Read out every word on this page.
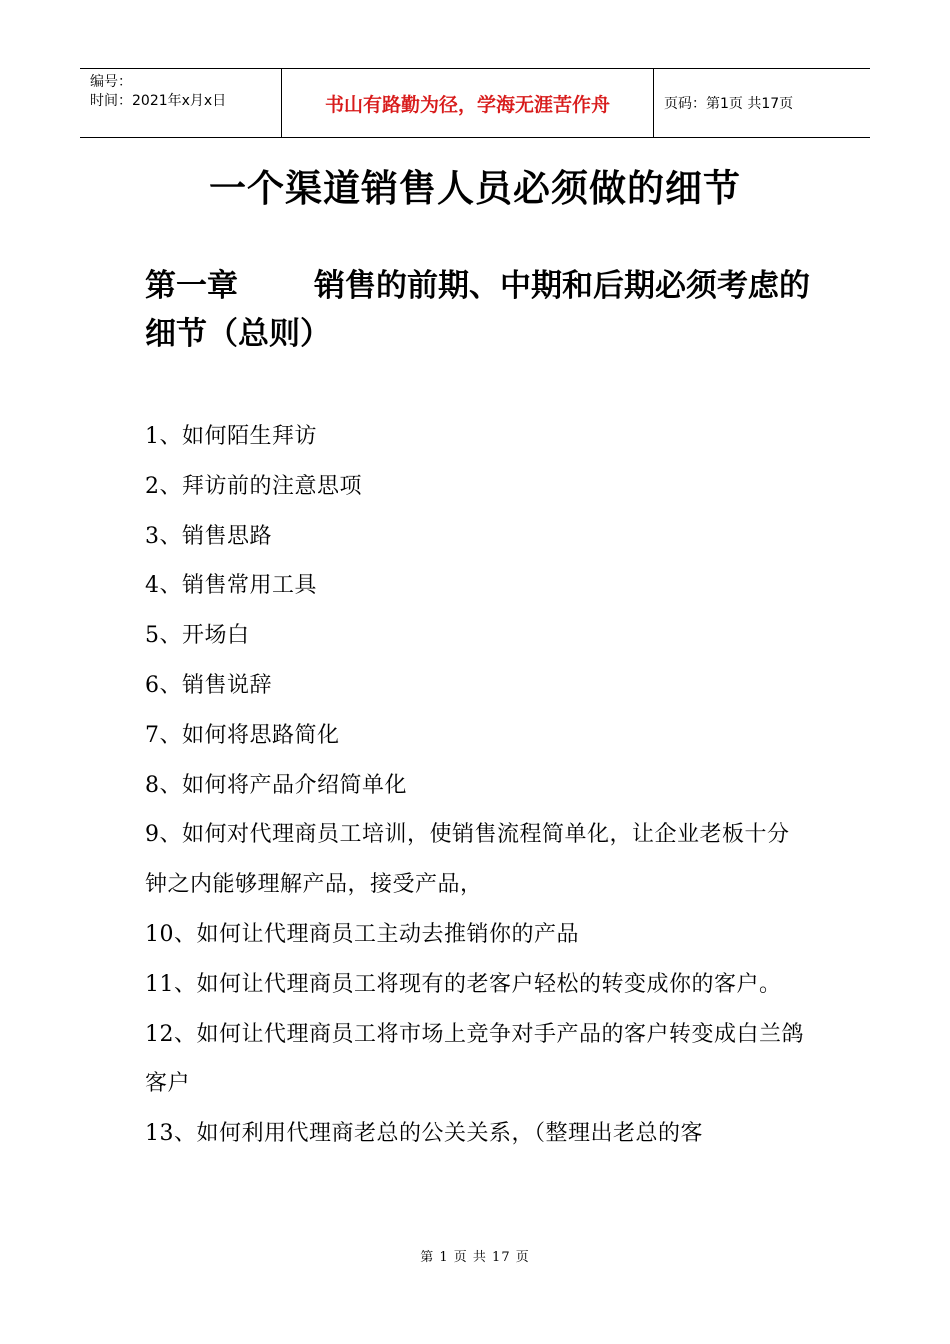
编号：
时间：2021年x月x日	书山有路勤为径，学海无涯苦作舟	页码：第1页 共17页
一个渠道销售人员必须做的细节
第一章 销售的前期、中期和后期必须考虑的细节（总则）
1、如何陌生拜访
2、拜访前的注意思项
3、销售思路
4、销售常用工具
5、开场白
6、销售说辞
7、如何将思路简化
8、如何将产品介绍简单化
9、如何对代理商员工培训，使销售流程简单化，让企业老板十分钟之内能够理解产品，接受产品，
10、如何让代理商员工主动去推销你的产品
11、如何让代理商员工将现有的老客户轻松的转变成你的客户。
12、如何让代理商员工将市场上竞争对手产品的客户转变成白兰鸽客户
13、如何利用代理商老总的公关关系，（整理出老总的客
第 1 页 共 17 页
